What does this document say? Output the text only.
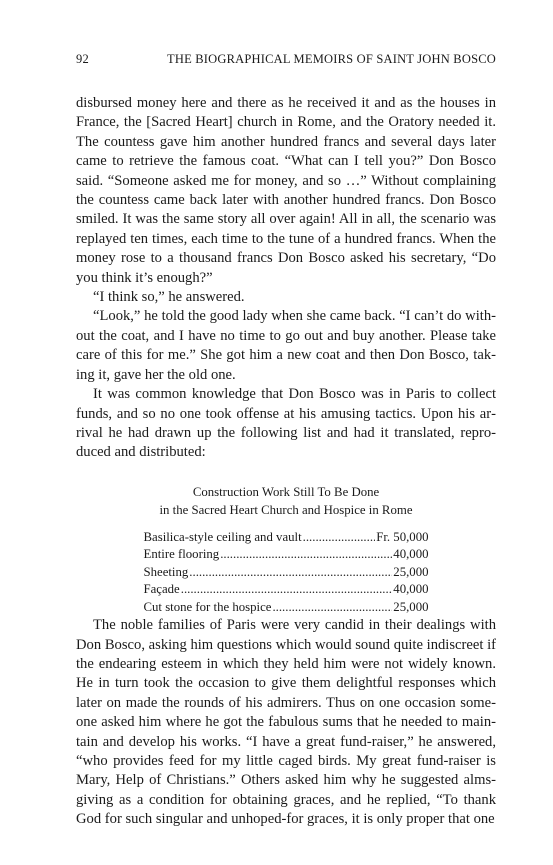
92	THE BIOGRAPHICAL MEMOIRS OF SAINT JOHN BOSCO

disbursed money here and there as he received it and as the houses in France, the [Sacred Heart] church in Rome, and the Oratory needed it. The countess gave him another hundred francs and several days later came to retrieve the famous coat. “What can I tell you?” Don Bosco said. “Someone asked me for money, and so …” Without complaining the countess came back later with another hundred francs. Don Bosco smiled. It was the same story all over again! All in all, the scenario was replayed ten times, each time to the tune of a hundred francs. When the money rose to a thousand francs Don Bosco asked his secretary, “Do you think it’s enough?”

“I think so,” he answered.

“Look,” he told the good lady when she came back. “I can’t do without the coat, and I have no time to go out and buy another. Please take care of this for me.” She got him a new coat and then Don Bosco, taking it, gave her the old one.

It was common knowledge that Don Bosco was in Paris to collect funds, and so no one took offense at his amusing tactics. Upon his arrival he had drawn up the following list and had it translated, reproduced and distributed:

Construction Work Still To Be Done
in the Sacred Heart Church and Hospice in Rome
Basilica-style ceiling and vault .....	Fr. 50,000
Entire flooring .....	40,000
Sheeting .....	25,000
Façade .....	40,000
Cut stone for the hospice .....	25,000

The noble families of Paris were very candid in their dealings with Don Bosco, asking him questions which would sound quite indiscreet if the endearing esteem in which they held him were not widely known. He in turn took the occasion to give them delightful responses which later on made the rounds of his admirers. Thus on one occasion someone asked him where he got the fabulous sums that he needed to maintain and develop his works. “I have a great fund-raiser,” he answered, “who provides feed for my little caged birds. My great fund-raiser is Mary, Help of Christians.” Others asked him why he suggested almsgiving as a condition for obtaining graces, and he replied, “To thank God for such singular and unhoped-for graces, it is only proper that one
